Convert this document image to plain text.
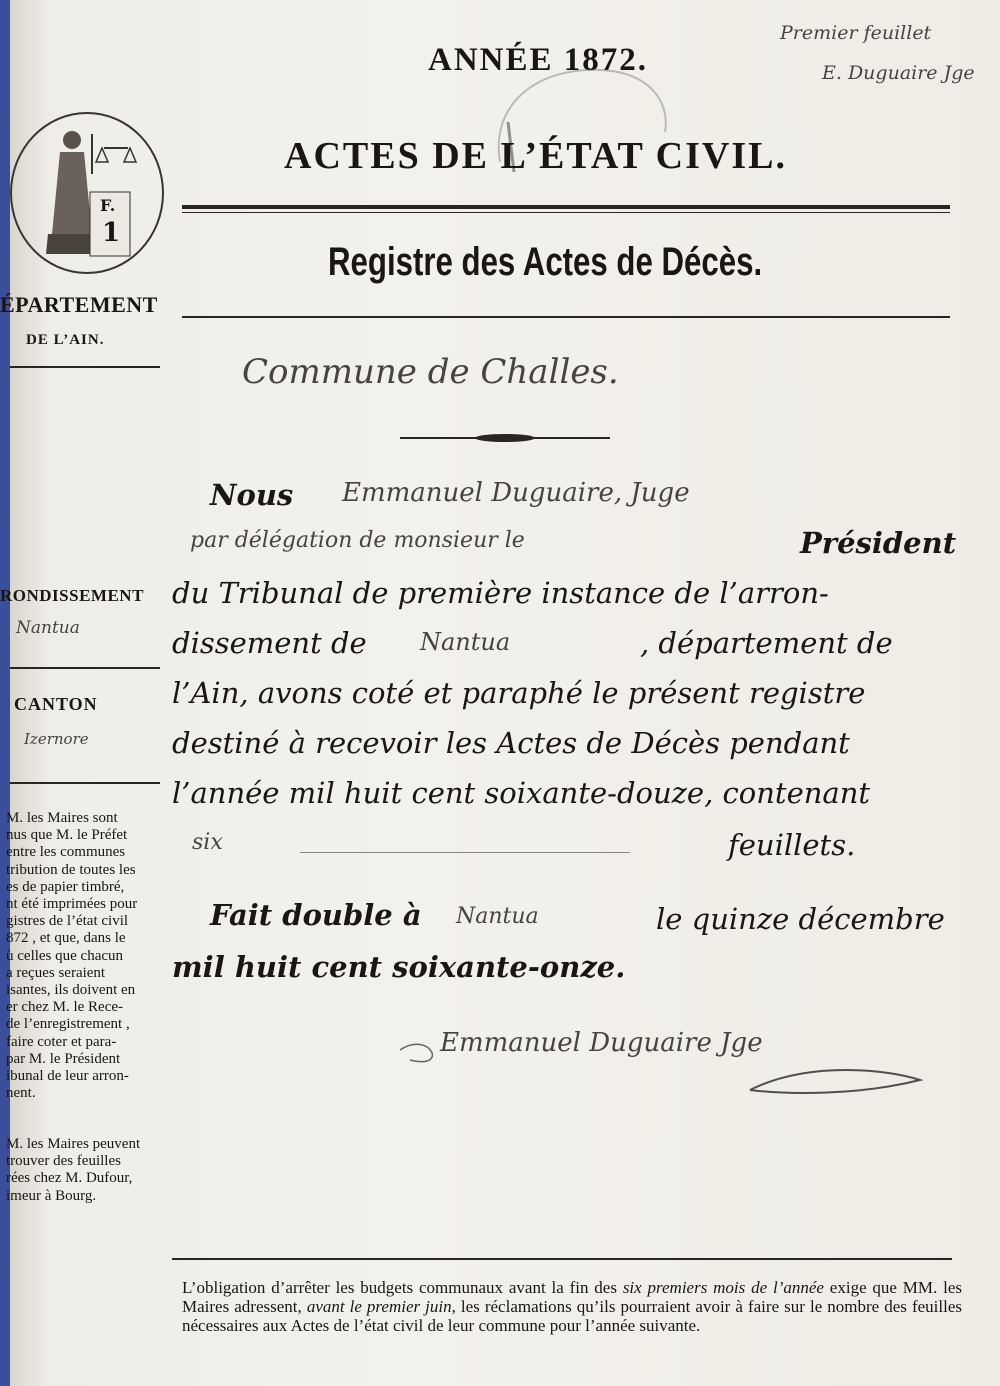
Premier feuillet
E. Duguaire Jge
ANNÉE 1872.
ACTES DE L’ÉTAT CIVIL.
Registre des Actes de Décès.
F.
1
ÉPARTEMENT
DE L’AIN.
RONDISSEMENT
Nantua
CANTON
Izernore
M. les Maires sont
nus que M. le Préfet
entre les communes
tribution de toutes les
es de papier timbré,
nt été imprimées pour
gistres de l’état civil
872 , et que, dans le
ù celles que chacun
a reçues seraient
isantes, ils doivent en
er chez M. le Rece-
de l’enregistrement ,
faire coter et para-
par M. le Président
ibunal de leur arron-
nent.
M. les Maires peuvent
trouver des feuilles
rées chez M. Dufour,
imeur à Bourg.
Commune de Challes.
Nous Emmanuel Duguaire, Juge
par délégation de monsieur le	Président
du Tribunal de première instance de l’arron-
dissement de Nantua	, département de
l’Ain, avons coté et paraphé le présent registre
destiné à recevoir les Actes de Décès pendant
l’année mil huit cent soixante-douze, contenant
six	feuillets.
Fait double à Nantua	le quinze décembre
mil huit cent soixante-onze.
Emmanuel Duguaire Jge
L’obligation d’arrêter les budgets communaux avant la fin des six premiers mois de l’année exige que MM. les Maires adressent, avant le premier juin, les réclamations qu’ils pourraient avoir à faire sur le nombre des feuilles nécessaires aux Actes de l’état civil de leur commune pour l’année suivante.
